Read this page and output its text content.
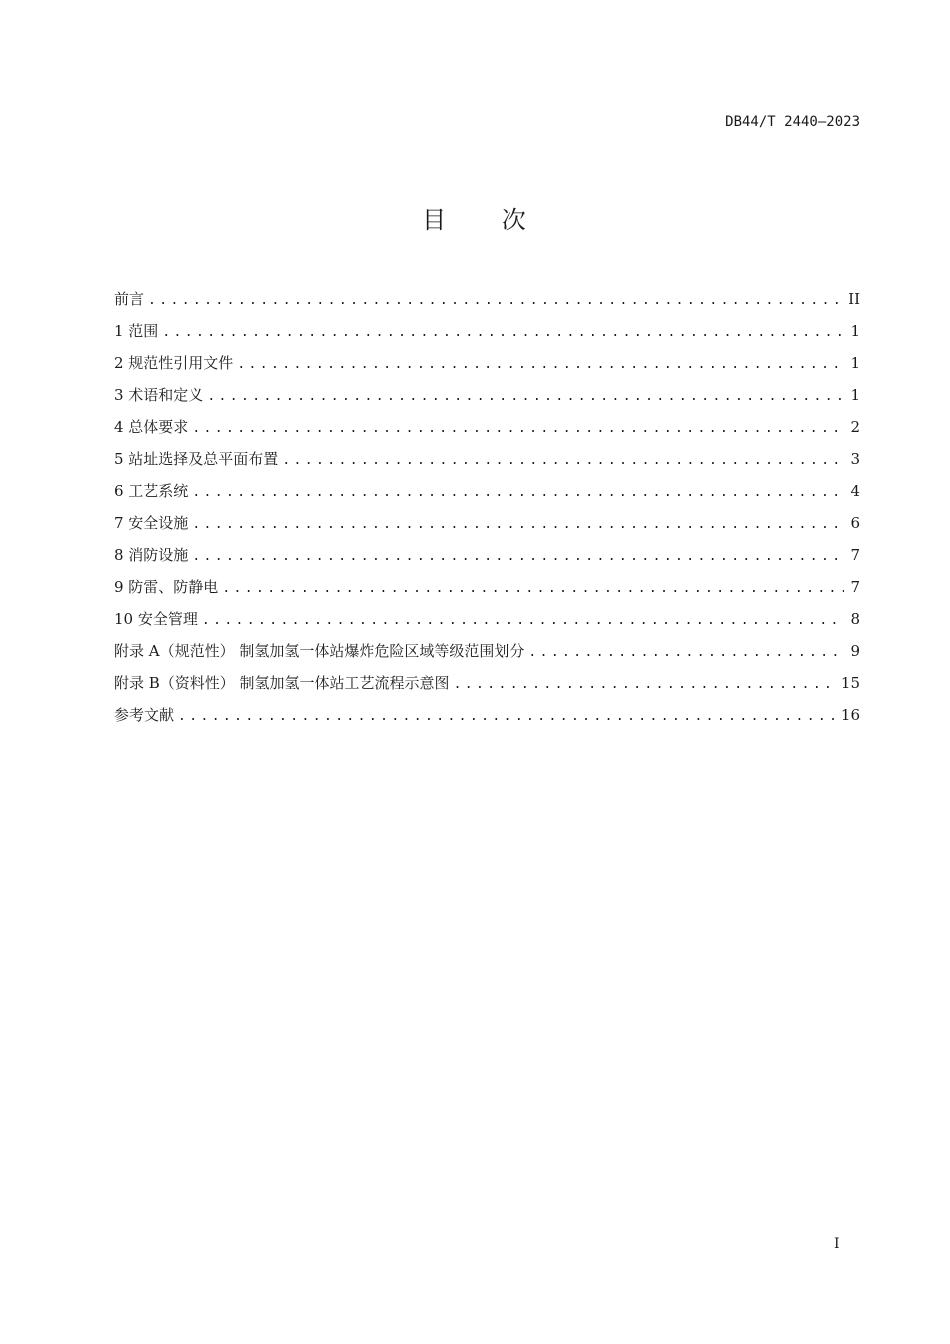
DB44/T 2440—2023
目 次
前言 .....	II
1 范围 .....	1
2 规范性引用文件 .....	1
3 术语和定义 .....	1
4 总体要求 .....	2
5 站址选择及总平面布置 .....	3
6 工艺系统 .....	4
7 安全设施 .....	6
8 消防设施 .....	7
9 防雷、防静电 .....	7
10 安全管理 .....	8
附录 A（规范性） 制氢加氢一体站爆炸危险区域等级范围划分 .....	9
附录 B（资料性） 制氢加氢一体站工艺流程示意图 .....	15
参考文献 .....	16
I
